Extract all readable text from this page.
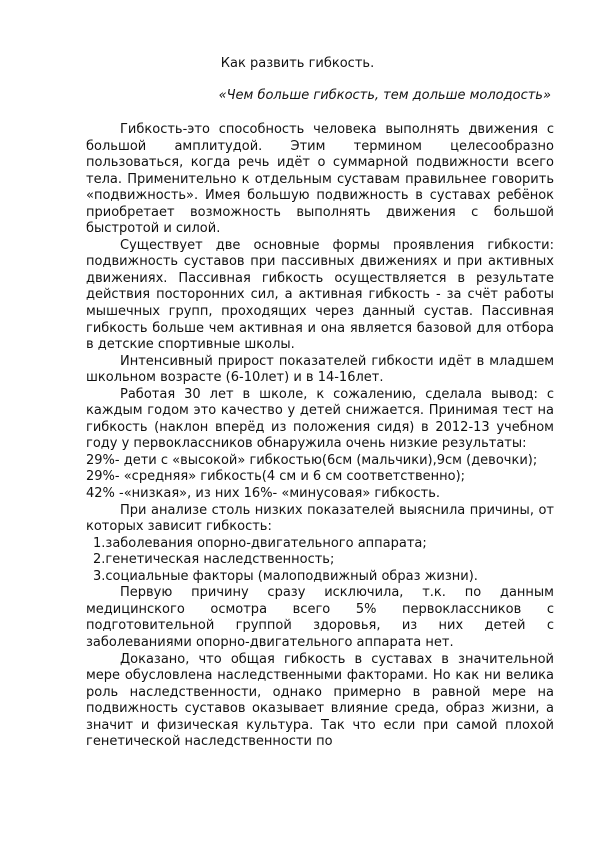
Как развить гибкость.

«Чем больше гибкость, тем дольше молодость»

Гибкость-это способность человека выполнять движения с большой амплитудой. Этим термином целесообразно пользоваться, когда речь идёт о суммарной подвижности всего тела. Применительно к отдельным суставам правильнее говорить «подвижность». Имея большую подвижность в суставах ребёнок приобретает возможность выполнять движения с большой быстротой и силой.

Существует две основные формы проявления гибкости: подвижность суставов при пассивных движениях и при активных движениях. Пассивная гибкость осуществляется в результате действия посторонних сил, а активная гибкость - за счёт работы мышечных групп, проходящих через данный сустав. Пассивная гибкость больше чем активная и она является базовой для отбора в детские спортивные школы.

Интенсивный прирост показателей гибкости идёт в младшем школьном возрасте (6-10лет) и в 14-16лет.

Работая 30 лет в школе, к сожалению, сделала вывод: с каждым годом это качество у детей снижается. Принимая тест на гибкость (наклон вперёд из положения сидя) в 2012-13 учебном году у первоклассников обнаружила очень низкие результаты:

29%- дети с «высокой» гибкостью(6см (мальчики),9см (девочки);

29%- «средняя» гибкость(4 см и 6 см соответственно);

42% -«низкая», из них 16%- «минусовая» гибкость.

При анализе столь низких показателей выяснила причины, от которых зависит гибкость:

1.заболевания опорно-двигательного аппарата;

2.генетическая наследственность;

3.социальные факторы (малоподвижный образ жизни).

Первую причину сразу исключила, т.к. по данным медицинского осмотра всего 5% первоклассников с подготовительной группой здоровья, из них детей с заболеваниями опорно-двигательного аппарата нет.

Доказано, что общая гибкость в суставах в значительной мере обусловлена наследственными факторами. Но как ни велика роль наследственности, однако примерно в равной мере на подвижность суставов оказывает влияние среда, образ жизни, а значит и физическая культура. Так что если при самой плохой генетической наследственности по
